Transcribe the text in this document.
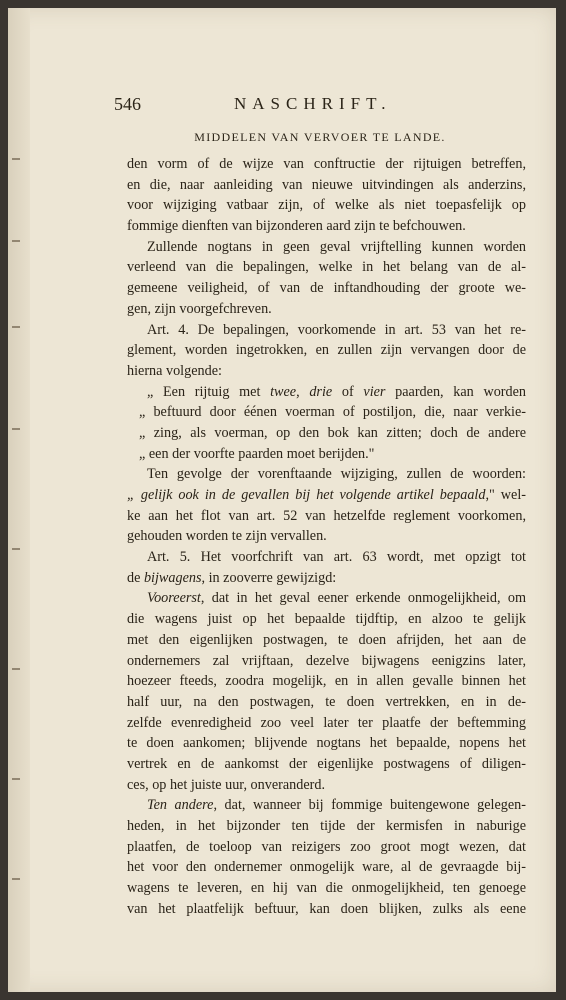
546	NASCHRIFT.
MIDDELEN VAN VERVOER TE LANDE.
den vorm of de wijze van conftructie der rijtuigen betreffen,
en die, naar aanleiding van nieuwe uitvindingen als anderzins,
voor wijziging vatbaar zijn, of welke als niet toepasfelijk op
fommige dienften van bijzonderen aard zijn te befchouwen.
Zullende nogtans in geen geval vrijftelling kunnen worden
verleend van die bepalingen, welke in het belang van de al-
gemeene veiligheid, of van de inftandhouding der groote we-
gen, zijn voorgefchreven.
Art. 4. De bepalingen, voorkomende in art. 53 van het re-
glement, worden ingetrokken, en zullen zijn vervangen door de
hierna volgende:
„ Een rijtuig met twee, drie of vier paarden, kan worden
„ beftuurd door éénen voerman of postiljon, die, naar verkie-
„ zing, als voerman, op den bok kan zitten; doch de andere
„ een der voorfte paarden moet berijden."
Ten gevolge der vorenftaande wijziging, zullen de woorden:
„ gelijk ook in de gevallen bij het volgende artikel bepaald," wel-
ke aan het flot van art. 52 van hetzelfde reglement voorkomen,
gehouden worden te zijn vervallen.
Art. 5. Het voorfchrift van art. 63 wordt, met opzigt tot
de bijwagens, in zooverre gewijzigd:
Vooreerst, dat in het geval eener erkende onmogelijkheid, om
die wagens juist op het bepaalde tijdftip, en alzoo te gelijk
met den eigenlijken postwagen, te doen afrijden, het aan de
ondernemers zal vrijftaan, dezelve bijwagens eenigzins later,
hoezeer fteeds, zoodra mogelijk, en in allen gevalle binnen het
half uur, na den postwagen, te doen vertrekken, en in de-
zelfde evenredigheid zoo veel later ter plaatfe der beftemming
te doen aankomen; blijvende nogtans het bepaalde, nopens het
vertrek en de aankomst der eigenlijke postwagens of diligen-
ces, op het juiste uur, onveranderd.
Ten andere, dat, wanneer bij fommige buitengewone gelegen-
heden, in het bijzonder ten tijde der kermisfen in naburige
plaatfen, de toeloop van reizigers zoo groot mogt wezen, dat
het voor den ondernemer onmogelijk ware, al de gevraagde bij-
wagens te leveren, en hij van die onmogelijkheid, ten genoege
van het plaatfelijk beftuur, kan doen blijken, zulks als eene
